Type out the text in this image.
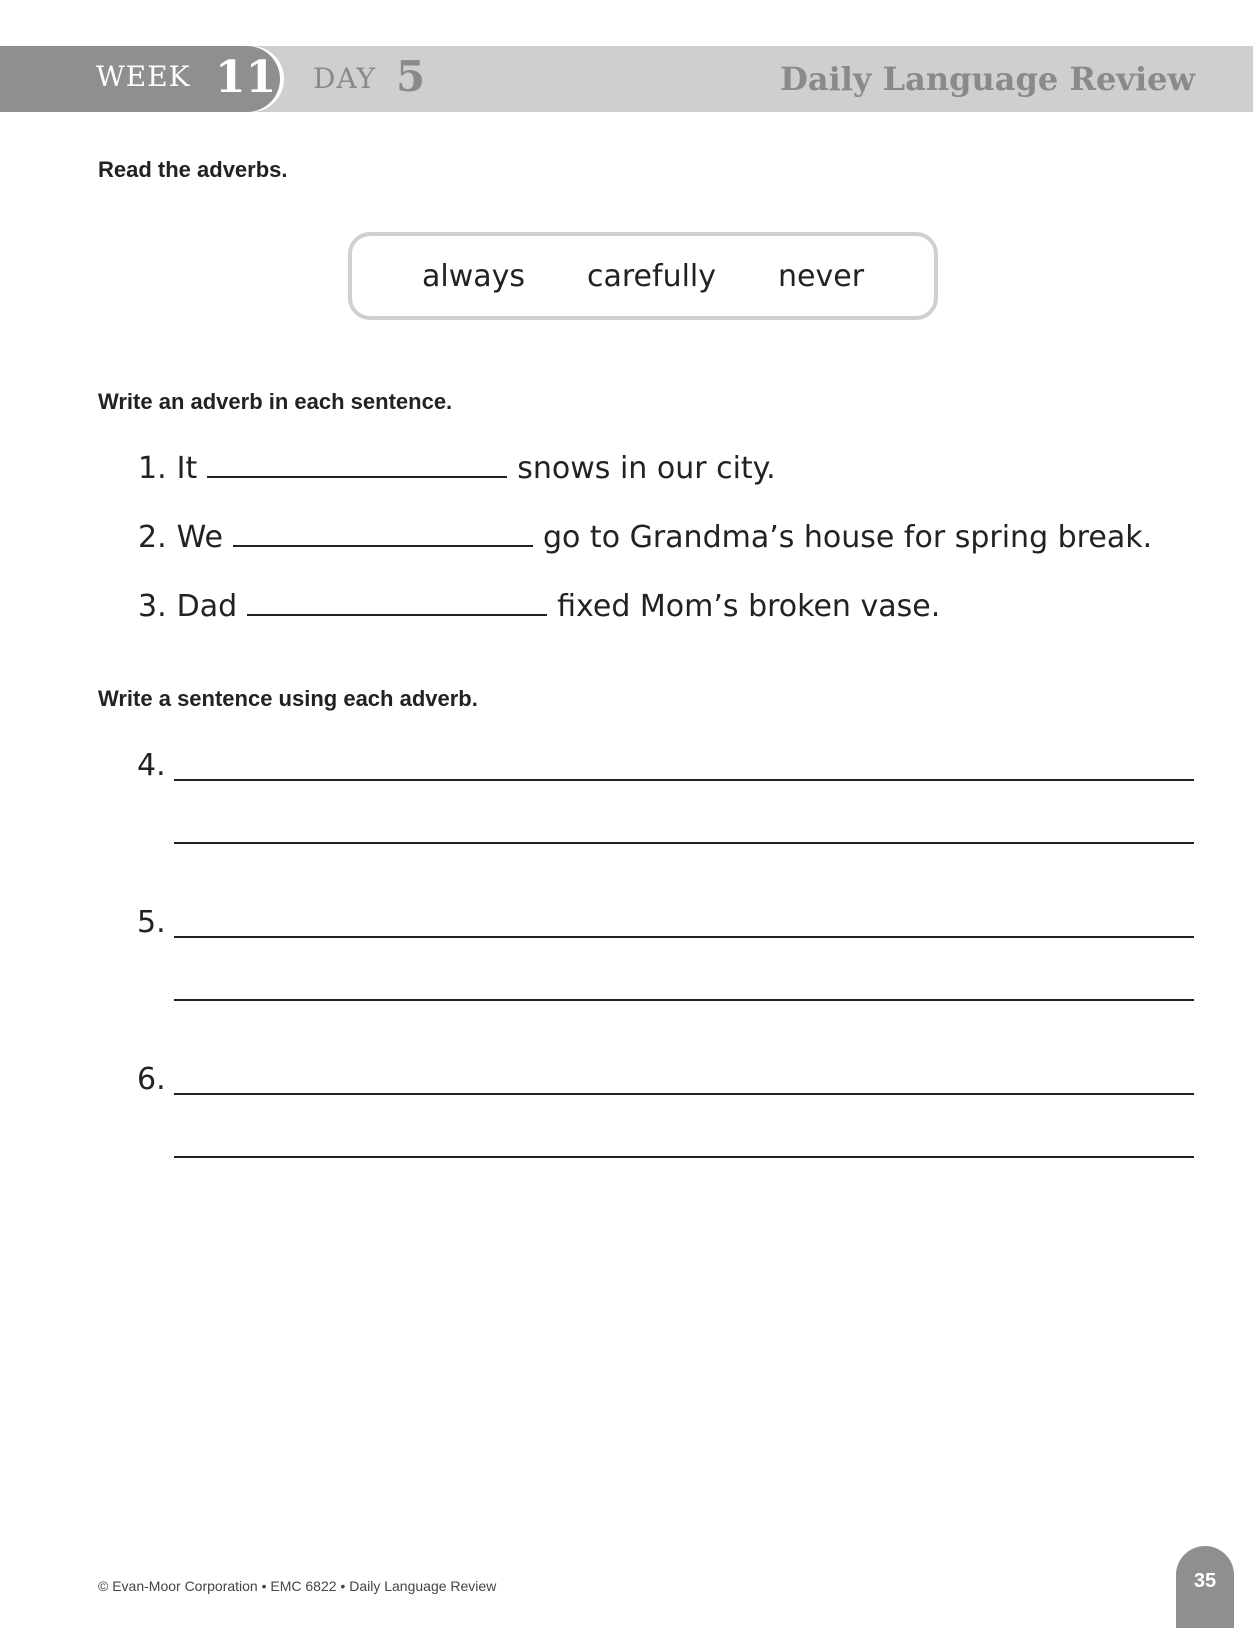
WEEK 11 DAY 5	Daily Language Review
Read the adverbs.
always carefully never
Write an adverb in each sentence.
1. It	snows in our city.
2. We	go to Grandma’s house for spring break.
3. Dad	fixed Mom’s broken vase.
Write a sentence using each adverb.
4.
5.
6.
© Evan-Moor Corporation • EMC 6822 • Daily Language Review	35
